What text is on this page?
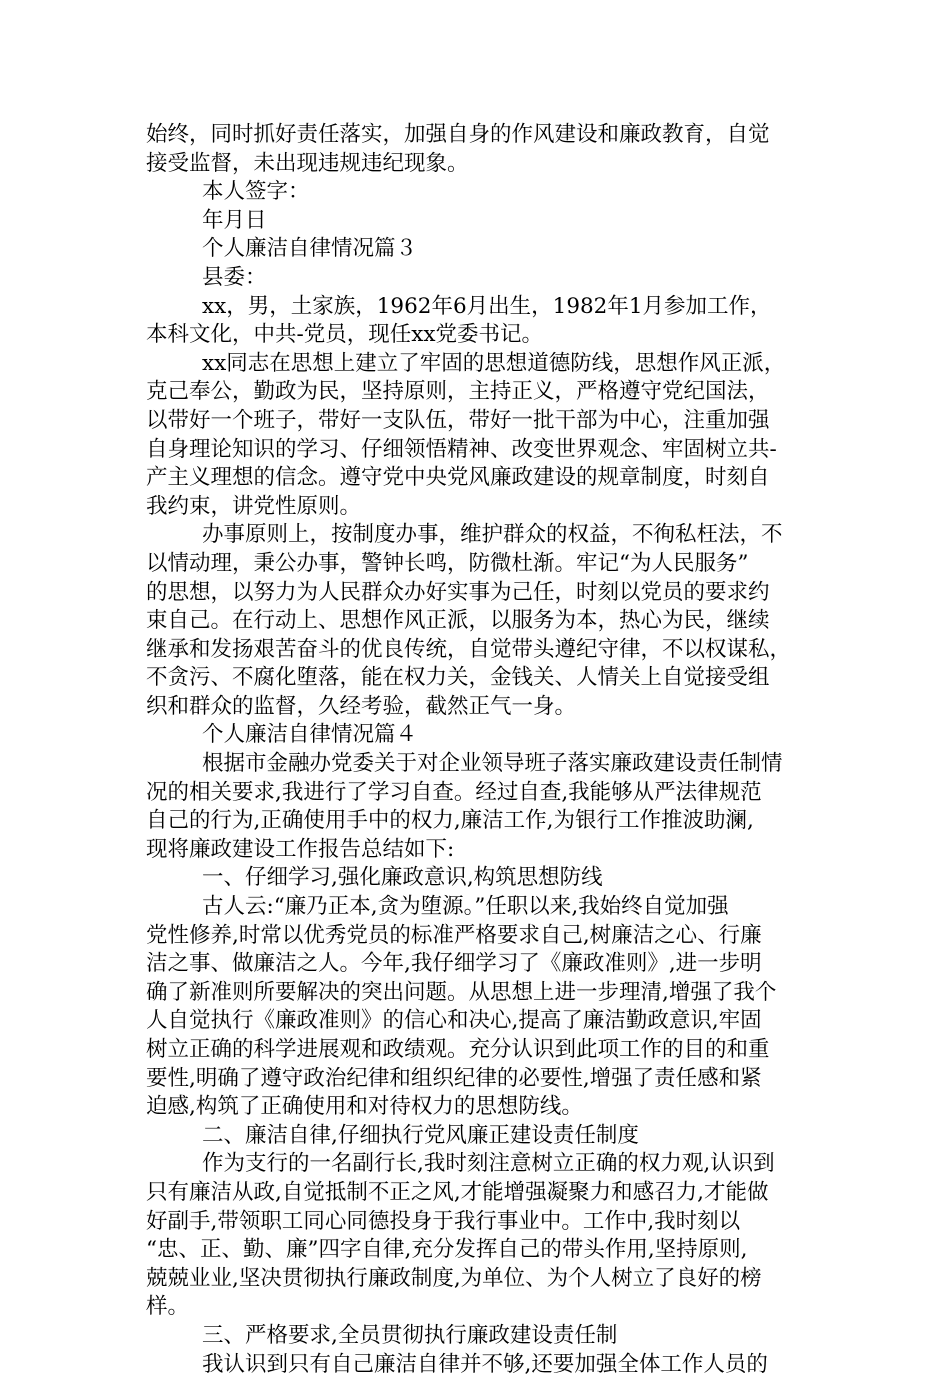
始终，同时抓好责任落实，加强自身的作风建设和廉政教育，自觉
接受监督，未出现违规违纪现象。
本人签字：
年月日
个人廉洁自律情况篇３
县委：
xx，男，土家族，1962年6月出生，1982年1月参加工作，
本科文化，中共-党员，现任xx党委书记。
xx同志在思想上建立了牢固的思想道德防线，思想作风正派，
克己奉公，勤政为民，坚持原则，主持正义，严格遵守党纪国法，
以带好一个班子，带好一支队伍，带好一批干部为中心，注重加强
自身理论知识的学习、仔细领悟精神、改变世界观念、牢固树立共-
产主义理想的信念。遵守党中央党风廉政建设的规章制度，时刻自
我约束，讲党性原则。
办事原则上，按制度办事，维护群众的权益，不徇私枉法，不
以情动理，秉公办事，警钟长鸣，防微杜渐。牢记“为人民服务”
的思想，以努力为人民群众办好实事为己任，时刻以党员的要求约
束自己。在行动上、思想作风正派，以服务为本，热心为民，继续
继承和发扬艰苦奋斗的优良传统，自觉带头遵纪守律，不以权谋私，
不贪污、不腐化堕落，能在权力关，金钱关、人情关上自觉接受组
织和群众的监督，久经考验，截然正气一身。
个人廉洁自律情况篇４
根据市金融办党委关于对企业领导班子落实廉政建设责任制情
况的相关要求,我进行了学习自查。经过自查,我能够从严法律规范
自己的行为,正确使用手中的权力,廉洁工作,为银行工作推波助澜,
现将廉政建设工作报告总结如下:
一、仔细学习,强化廉政意识,构筑思想防线
古人云:“廉乃正本,贪为堕源。”任职以来,我始终自觉加强
党性修养,时常以优秀党员的标准严格要求自己,树廉洁之心、行廉
洁之事、做廉洁之人。今年,我仔细学习了《廉政准则》,进一步明
确了新准则所要解决的突出问题。从思想上进一步理清,增强了我个
人自觉执行《廉政准则》的信心和决心,提高了廉洁勤政意识,牢固
树立正确的科学进展观和政绩观。充分认识到此项工作的目的和重
要性,明确了遵守政治纪律和组织纪律的必要性,增强了责任感和紧
迫感,构筑了正确使用和对待权力的思想防线。
二、廉洁自律,仔细执行党风廉正建设责任制度
作为支行的一名副行长,我时刻注意树立正确的权力观,认识到
只有廉洁从政,自觉抵制不正之风,才能增强凝聚力和感召力,才能做
好副手,带领职工同心同德投身于我行事业中。工作中,我时刻以
“忠、正、勤、廉”四字自律,充分发挥自己的带头作用,坚持原则,
兢兢业业,坚决贯彻执行廉政制度,为单位、为个人树立了良好的榜
样。
三、严格要求,全员贯彻执行廉政建设责任制
我认识到只有自己廉洁自律并不够,还要加强全体工作人员的
